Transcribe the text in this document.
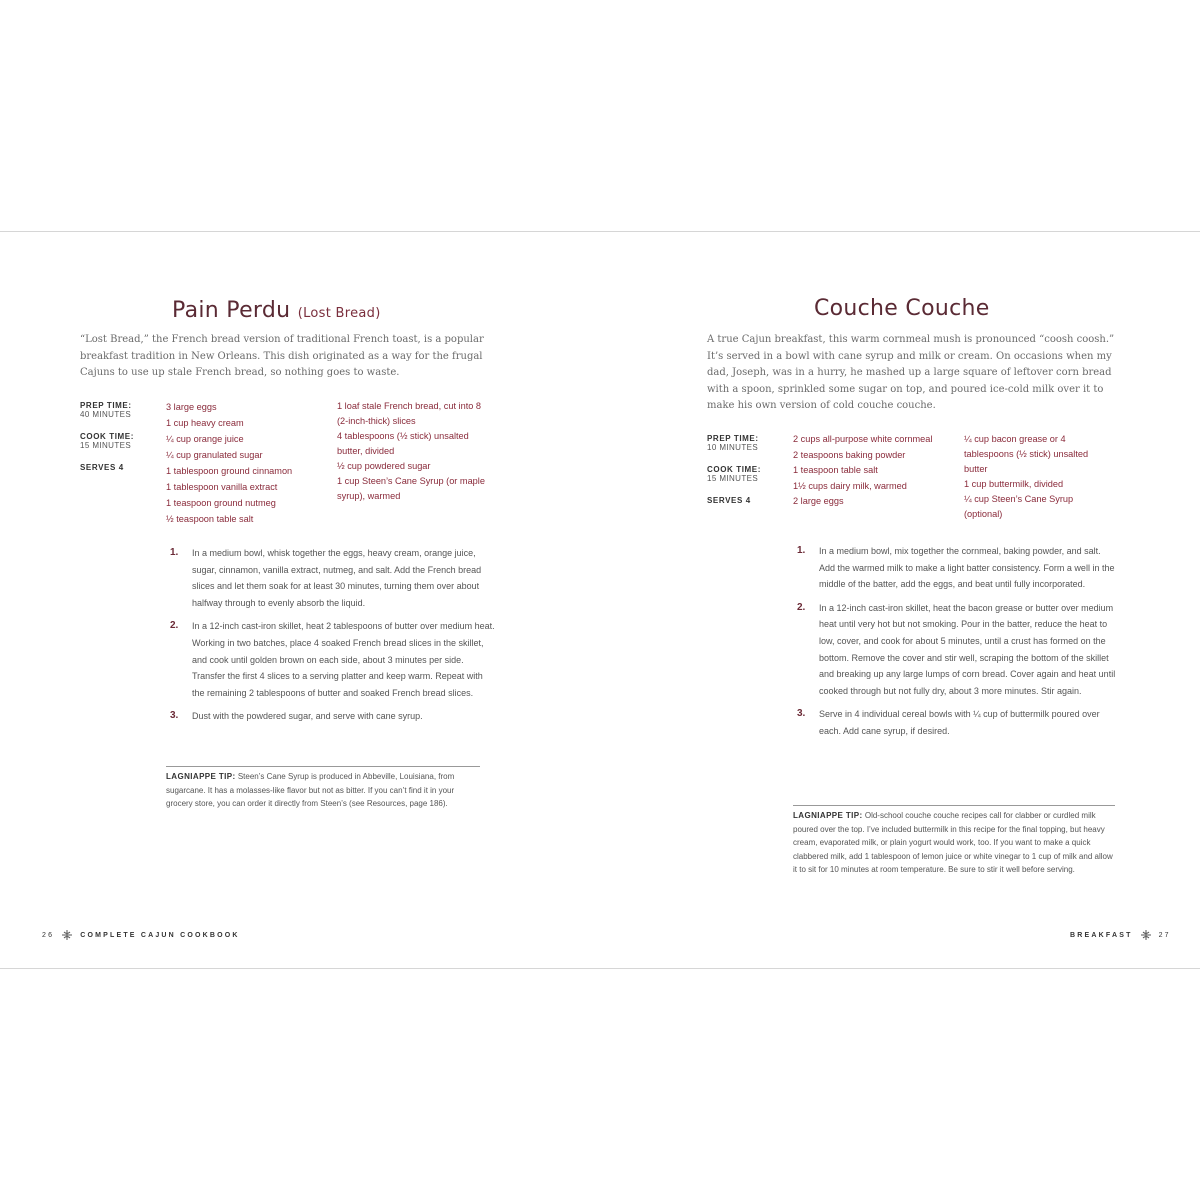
Pain Perdu (Lost Bread)

“Lost Bread,” the French bread version of traditional French toast, is a popular breakfast tradition in New Orleans. This dish originated as a way for the frugal Cajuns to use up stale French bread, so nothing goes to waste.

PREP TIME:
40 MINUTES
COOK TIME:
15 MINUTES
SERVES 4
3 large eggs
1 cup heavy cream
¼ cup orange juice
¼ cup granulated sugar
1 tablespoon ground cinnamon
1 tablespoon vanilla extract
1 teaspoon ground nutmeg
½ teaspoon table salt
1 loaf stale French bread, cut into 8 (2-inch-thick) slices
4 tablespoons (½ stick) unsalted butter, divided
½ cup powdered sugar
1 cup Steen’s Cane Syrup (or maple syrup), warmed
1.	In a medium bowl, whisk together the eggs, heavy cream, orange juice, sugar, cinnamon, vanilla extract, nutmeg, and salt. Add the French bread slices and let them soak for at least 30 minutes, turning them over about halfway through to evenly absorb the liquid.
2.	In a 12-inch cast-iron skillet, heat 2 tablespoons of butter over medium heat. Working in two batches, place 4 soaked French bread slices in the skillet, and cook until golden brown on each side, about 3 minutes per side. Transfer the first 4 slices to a serving platter and keep warm. Repeat with the remaining 2 tablespoons of butter and soaked French bread slices.
3.	Dust with the powdered sugar, and serve with cane syrup.
LAGNIAPPE TIP: Steen’s Cane Syrup is produced in Abbeville, Louisiana, from sugarcane. It has a molasses-like flavor but not as bitter. If you can’t find it in your grocery store, you can order it directly from Steen’s (see Resources, page 186).
26	COMPLETE CAJUN COOKBOOK
Couche Couche

A true Cajun breakfast, this warm cornmeal mush is pronounced “coosh coosh.” It’s served in a bowl with cane syrup and milk or cream. On occasions when my dad, Joseph, was in a hurry, he mashed up a large square of leftover corn bread with a spoon, sprinkled some sugar on top, and poured ice-cold milk over it to make his own version of cold couche couche.

PREP TIME:
10 MINUTES
COOK TIME:
15 MINUTES
SERVES 4
2 cups all-purpose white cornmeal
2 teaspoons baking powder
1 teaspoon table salt
1½ cups dairy milk, warmed
2 large eggs
¼ cup bacon grease or 4 tablespoons (½ stick) unsalted butter
1 cup buttermilk, divided
¼ cup Steen’s Cane Syrup (optional)
1.	In a medium bowl, mix together the cornmeal, baking powder, and salt. Add the warmed milk to make a light batter consistency. Form a well in the middle of the batter, add the eggs, and beat until fully incorporated.
2.	In a 12-inch cast-iron skillet, heat the bacon grease or butter over medium heat until very hot but not smoking. Pour in the batter, reduce the heat to low, cover, and cook for about 5 minutes, until a crust has formed on the bottom. Remove the cover and stir well, scraping the bottom of the skillet and breaking up any large lumps of corn bread. Cover again and heat until cooked through but not fully dry, about 3 more minutes. Stir again.
3.	Serve in 4 individual cereal bowls with ¼ cup of buttermilk poured over each. Add cane syrup, if desired.
LAGNIAPPE TIP: Old-school couche couche recipes call for clabber or curdled milk poured over the top. I’ve included buttermilk in this recipe for the final topping, but heavy cream, evaporated milk, or plain yogurt would work, too. If you want to make a quick clabbered milk, add 1 tablespoon of lemon juice or white vinegar to 1 cup of milk and allow it to sit for 10 minutes at room temperature. Be sure to stir it well before serving.
BREAKFAST	27
